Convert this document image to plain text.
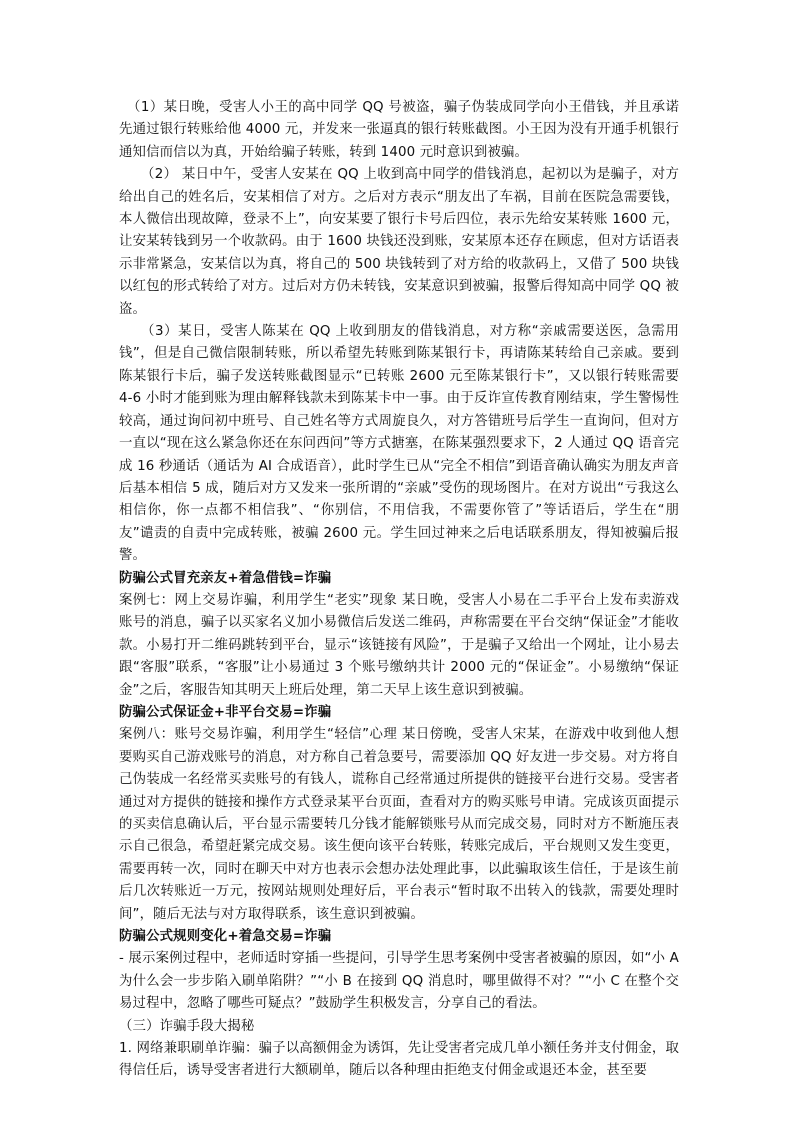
（1）某日晚，受害人小王的高中同学 QQ 号被盗，骗子伪装成同学向小王借钱，并且承诺先通过银行转账给他 4000 元，并发来一张逼真的银行转账截图。小王因为没有开通手机银行通知信而信以为真，开始给骗子转账，转到 1400 元时意识到被骗。

（2） 某日中午，受害人安某在 QQ 上收到高中同学的借钱消息，起初以为是骗子，对方给出自己的姓名后，安某相信了对方。之后对方表示“朋友出了车祸，目前在医院急需要钱，本人微信出现故障，登录不上”，向安某要了银行卡号后四位，表示先给安某转账 1600 元，让安某转钱到另一个收款码。由于 1600 块钱还没到账，安某原本还存在顾虑，但对方话语表示非常紧急，安某信以为真，将自己的 500 块钱转到了对方给的收款码上，又借了 500 块钱以红包的形式转给了对方。过后对方仍未转钱，安某意识到被骗，报警后得知高中同学 QQ 被盗。

（3）某日，受害人陈某在 QQ 上收到朋友的借钱消息，对方称“亲戚需要送医，急需用钱”，但是自己微信限制转账，所以希望先转账到陈某银行卡，再请陈某转给自己亲戚。要到陈某银行卡后，骗子发送转账截图显示“已转账 2600 元至陈某银行卡”，又以银行转账需要 4-6 小时才能到账为理由解释钱款未到陈某卡中一事。由于反诈宣传教育刚结束，学生警惕性较高，通过询问初中班号、自己姓名等方式周旋良久，对方答错班号后学生一直询问，但对方一直以“现在这么紧急你还在东问西问”等方式搪塞，在陈某强烈要求下，2 人通过 QQ 语音完成 16 秒通话（通话为 AI 合成语音），此时学生已从“完全不相信”到语音确认确实为朋友声音后基本相信 5 成，随后对方又发来一张所谓的“亲戚”受伤的现场图片。在对方说出“亏我这么相信你，你一点都不相信我”、“你别信，不用信我，不需要你管了”等话语后，学生在“朋友”谴责的自责中完成转账，被骗 2600 元。学生回过神来之后电话联系朋友，得知被骗后报警。

防骗公式冒充亲友+着急借钱=诈骗

案例七：网上交易诈骗，利用学生“老实”现象 某日晚，受害人小易在二手平台上发布卖游戏账号的消息，骗子以买家名义加小易微信后发送二维码，声称需要在平台交纳“保证金”才能收款。小易打开二维码跳转到平台，显示“该链接有风险”，于是骗子又给出一个网址，让小易去跟“客服”联系，“客服”让小易通过 3 个账号缴纳共计 2000 元的“保证金”。小易缴纳“保证金”之后，客服告知其明天上班后处理，第二天早上该生意识到被骗。

防骗公式保证金+非平台交易=诈骗

案例八：账号交易诈骗，利用学生“轻信”心理 某日傍晚，受害人宋某，在游戏中收到他人想要购买自己游戏账号的消息，对方称自己着急要号，需要添加 QQ 好友进一步交易。对方将自己伪装成一名经常买卖账号的有钱人，谎称自己经常通过所提供的链接平台进行交易。受害者通过对方提供的链接和操作方式登录某平台页面，查看对方的购买账号申请。完成该页面提示的买卖信息确认后，平台显示需要转几分钱才能解锁账号从而完成交易，同时对方不断施压表示自己很急，希望赶紧完成交易。该生便向该平台转账，转账完成后，平台规则又发生变更，需要再转一次，同时在聊天中对方也表示会想办法处理此事，以此骗取该生信任，于是该生前后几次转账近一万元，按网站规则处理好后，平台表示“暂时取不出转入的钱款，需要处理时间”，随后无法与对方取得联系，该生意识到被骗。

防骗公式规则变化+着急交易=诈骗

- 展示案例过程中，老师适时穿插一些提问，引导学生思考案例中受害者被骗的原因，如“小 A 为什么会一步步陷入刷单陷阱？”“小 B 在接到 QQ 消息时，哪里做得不对？”“小 C 在整个交易过程中，忽略了哪些可疑点？”鼓励学生积极发言，分享自己的看法。

（三）诈骗手段大揭秘

1. 网络兼职刷单诈骗：骗子以高额佣金为诱饵，先让受害者完成几单小额任务并支付佣金，取得信任后，诱导受害者进行大额刷单，随后以各种理由拒绝支付佣金或退还本金，甚至要
